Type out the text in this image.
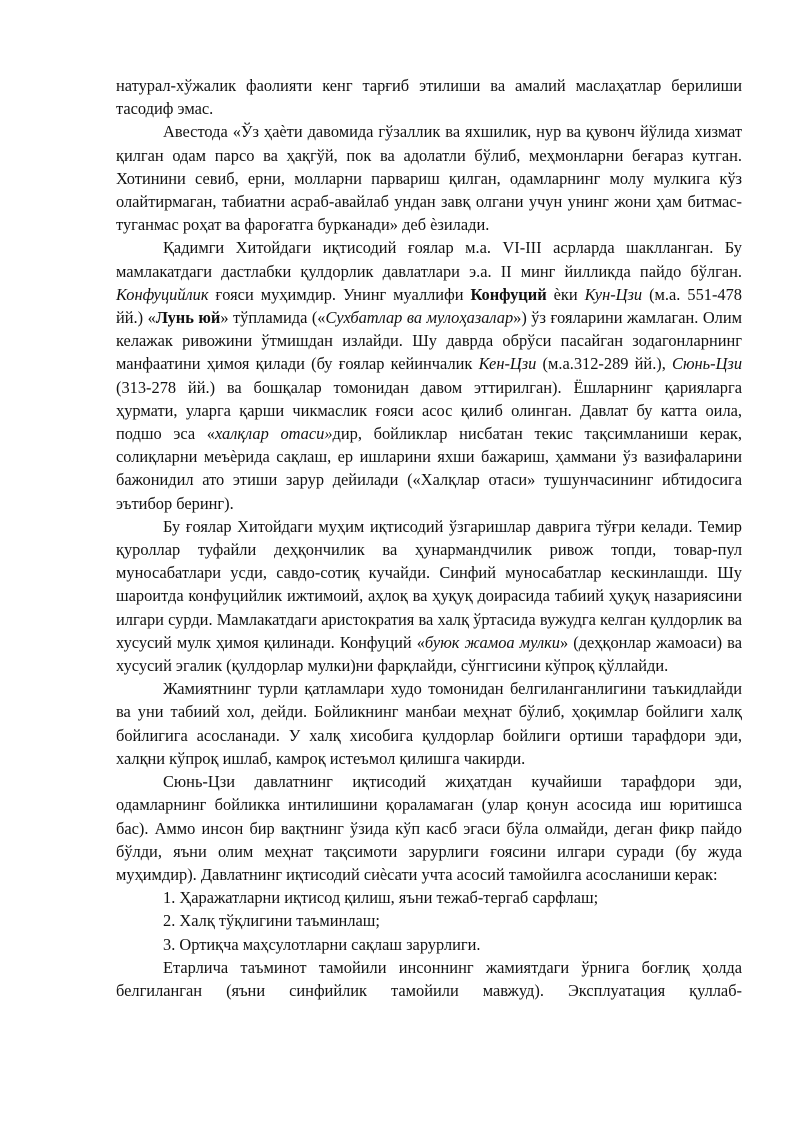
натурал-хўжалик фаолияти кенг тарғиб этилиши ва амалий маслаҳатлар берилиши тасодиф эмас.

Авестода «Ўз ҳаѐти давомида гўзаллик ва яхшилик, нур ва қувонч йўлида хизмат қилган одам парсо ва ҳақгўй, пок ва адолатли бўлиб, меҳмонларни беғараз кутган. Хотинини севиб, ерни, молларни парвариш қилган, одамларнинг молу мулкига кўз олайтирмаган, табиатни асраб-авайлаб ундан завқ олгани учун унинг жони ҳам битмас-туганмас роҳат ва фароғатга бурканади» деб ѐзилади.

Қадимги Хитойдаги иқтисодий ғоялар м.а. VI-III асрларда шаклланган. Бу мамлакатдаги дастлабки қулдорлик давлатлари э.а. II минг йилликда пайдо бўлган. Конфуцийлик ғояси муҳимдир. Унинг муаллифи Конфуций ѐки Кун-Цзи (м.а. 551-478 йй.) «Лунь юй» тўпламида («Сухбатлар ва мулоҳазалар») ўз ғояларини жамлаган. Олим келажак ривожини ўтмишдан излайди. Шу даврда обрўси пасайган зодагонларнинг манфаатини ҳимоя қилади (бу ғоялар кейинчалик Кен-Цзи (м.а.312-289 йй.), Сюнь-Цзи (313-278 йй.) ва бошқалар томонидан давом эттирилган). Ёшларнинг қарияларга ҳурмати, уларга қарши чикмаслик ғояси асос қилиб олинган. Давлат бу катта оила, подшо эса «халқлар отаси»дир, бойликлар нисбатан текис тақсимланиши керак, солиқларни меъѐрида сақлаш, ер ишларини яхши бажариш, ҳаммани ўз вазифаларини бажонидил ато этиши зарур дейилади («Халқлар отаси» тушунчасининг ибтидосига эътибор беринг).

Бу ғоялар Хитойдаги муҳим иқтисодий ўзгаришлар даврига тўғри келади. Темир қуроллар туфайли деҳқончилик ва ҳунармандчилик ривож топди, товар-пул муносабатлари усди, савдо-сотиқ кучайди. Синфий муносабатлар кескинлашди. Шу шароитда конфуцийлик ижтимоий, аҳлоқ ва ҳуқуқ доирасида табиий ҳуқуқ назариясини илгари сурди. Мамлакатдаги аристократия ва халқ ўртасида вужудга келган қулдорлик ва хусусий мулк ҳимоя қилинади. Конфуций «буюк жамоа мулки» (деҳқонлар жамоаси) ва хусусий эгалик (қулдорлар мулки)ни фарқлайди, сўнггисини кўпроқ қўллайди.

Жамиятнинг турли қатламлари худо томонидан белгиланганлигини таъкидлайди ва уни табиий хол, дейди. Бойликнинг манбаи меҳнат бўлиб, ҳоқимлар бойлиги халқ бойлигига асосланади. У халқ хисобига қулдорлар бойлиги ортиши тарафдори эди, халқни кўпроқ ишлаб, камроқ истеъмол қилишга чакирди.

Сюнь-Цзи давлатнинг иқтисодий жиҳатдан кучайиши тарафдори эди, одамларнинг бойликка интилишини қораламаган (улар қонун асосида иш юритишса бас). Аммо инсон бир вақтнинг ўзида кўп касб эгаси бўла олмайди, деган фикр пайдо бўлди, яъни олим меҳнат тақсимоти зарурлиги ғоясини илгари суради (бу жуда муҳимдир). Давлатнинг иқтисодий сиѐсати учта асосий тамойилга асосланиши керак:

1. Ҳаражатларни иқтисод қилиш, яъни тежаб-тергаб сарфлаш;

2. Халқ тўқлигини таъминлаш;

3. Ортиқча маҳсулотларни сақлаш зарурлиги.

Етарлича таъминот тамойили инсоннинг жамиятдаги ўрнига боғлиқ ҳолда белгиланган (яъни синфийлик тамойили мавжуд). Эксплуатация қуллаб-
